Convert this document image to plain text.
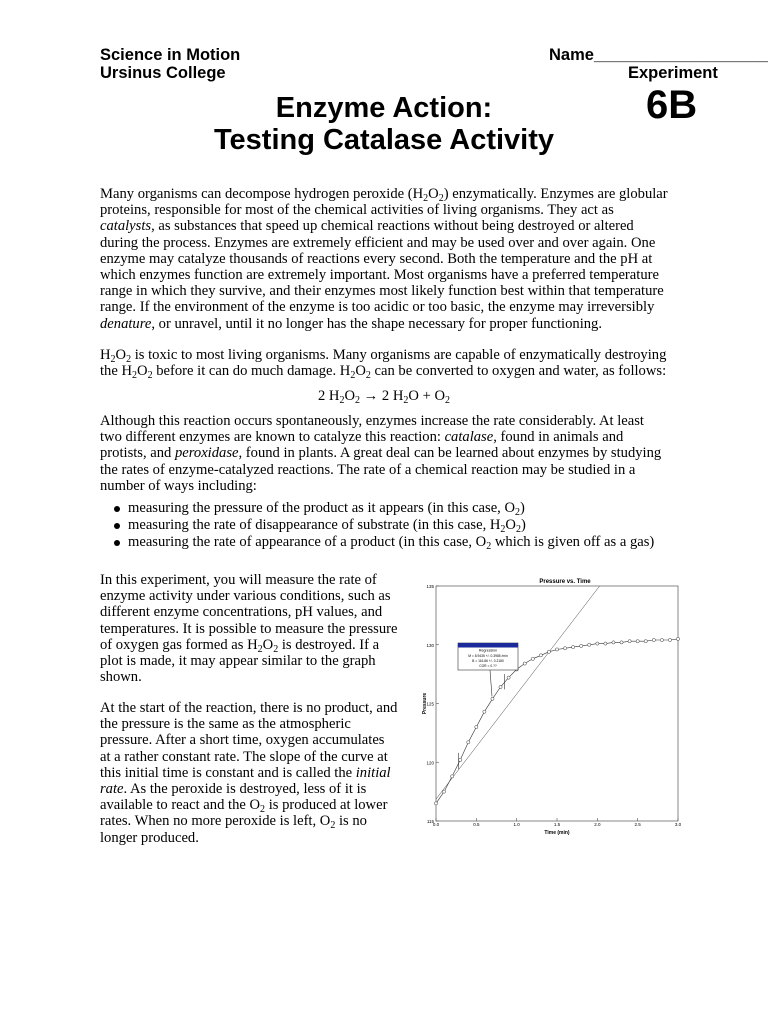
Science in Motion
Ursinus College
Name___________________
Experiment
6B
Enzyme Action:
Testing Catalase Activity
Many organisms can decompose hydrogen peroxide $(H_2O_2)$ enzymatically. Enzymes are globular
proteins, responsible for most of the chemical activities of living organisms. They act as
catalysts, as substances that speed up chemical reactions without being destroyed or altered
during the process. Enzymes are extremely efficient and may be used over and over again. One
enzyme may catalyze thousands of reactions every second. Both the temperature and the pH at
which enzymes function are extremely important. Most organisms have a preferred temperature
range in which they survive, and their enzymes most likely function best within that temperature
range. If the environment of the enzyme is too acidic or too basic, the enzyme may irreversibly
denature, or unravel, until it no longer has the shape necessary for proper functioning.
$H_2O_2$ is toxic to most living organisms. Many organisms are capable of enzymatically destroying
the $H_2O_2$ before it can do much damage. $H_2O_2$ can be converted to oxygen and water, as follows:
2 $H_2O_2 \to 2$ $H_2O + O_2$
Although this reaction occurs spontaneously, enzymes increase the rate considerably. At least
two different enzymes are known to catalyze this reaction: catalase, found in animals and
protists, and peroxidase, found in plants. A great deal can be learned about enzymes by studying
the rates of enzyme-catalyzed reactions. The rate of a chemical reaction may be studied in a
number of ways including:
measuring the pressure of the product as it appears (in this case, $O_2$)
measuring the rate of disappearance of substrate (in this case, $H_2O_2$)
measuring the rate of appearance of a product (in this case, $O_2$ which is given off as a gas)
In this experiment, you will measure the rate of
enzyme activity under various conditions, such as
different enzyme concentrations, pH values, and
temperatures. It is possible to measure the pressure
of oxygen gas formed as $H_2O_2$ is destroyed. If a
plot is made, it may appear similar to the graph
shown.
At the start of the reaction, there is no product, and
the pressure is the same as the atmospheric
pressure. After a short time, oxygen accumulates
at a rather constant rate. The slope of the curve at
this initial time is constant and is called the initial
rate. As the peroxide is destroyed, less of it is
available to react and the $O_2$ is produced at lower
rates. When no more peroxide is left, $O_2$ is no
longer produced.
Pressure vs. Time
115
120
125
130
135
0.0	0.5	1.0	1.5	2.0	2.5	3.0
Time (min)
Pressure
Regression
M = 8.9435 +/- 0.3985 /min
B = 116.86 +/- 0.2180
COR = 0.??
